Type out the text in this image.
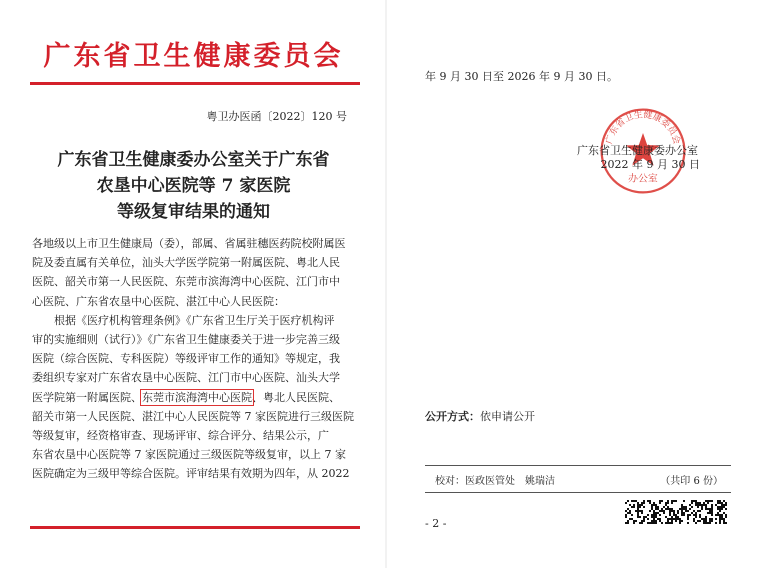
广东省卫生健康委员会
粤卫办医函〔2022〕120 号
广东省卫生健康委办公室关于广东省
农垦中心医院等 7 家医院
等级复审结果的通知

各地级以上市卫生健康局（委），部属、省属驻穗医药院校附属医

院及委直属有关单位，汕头大学医学院第一附属医院、粤北人民

医院、韶关市第一人民医院、东莞市滨海湾中心医院、江门市中

心医院、广东省农垦中心医院、湛江中心人民医院：

根据《医疗机构管理条例》《广东省卫生厅关于医疗机构评

审的实施细则（试行）》《广东省卫生健康委关于进一步完善三级

医院（综合医院、专科医院）等级评审工作的通知》等规定，我

委组织专家对广东省农垦中心医院、江门市中心医院、汕头大学

医学院第一附属医院、东莞市滨海湾中心医院、粤北人民医院、

韶关市第一人民医院、湛江中心人民医院等 7 家医院进行三级医院

等级复审，经资格审查、现场评审、综合评分、结果公示，广

东省农垦中心医院等 7 家医院通过三级医院等级复审，以上 7 家

医院确定为三级甲等综合医院。评审结果有效期为四年，从 2022

年 9 月 30 日至 2026 年 9 月 30 日。
广东省卫生健康委员会
办公室
广东省卫生健康委办公室
2022 年 9 月 30 日
公开方式：依申请公开
校对：医政医管处　姚瑞洁	（共印 6 份）
- 2 -
